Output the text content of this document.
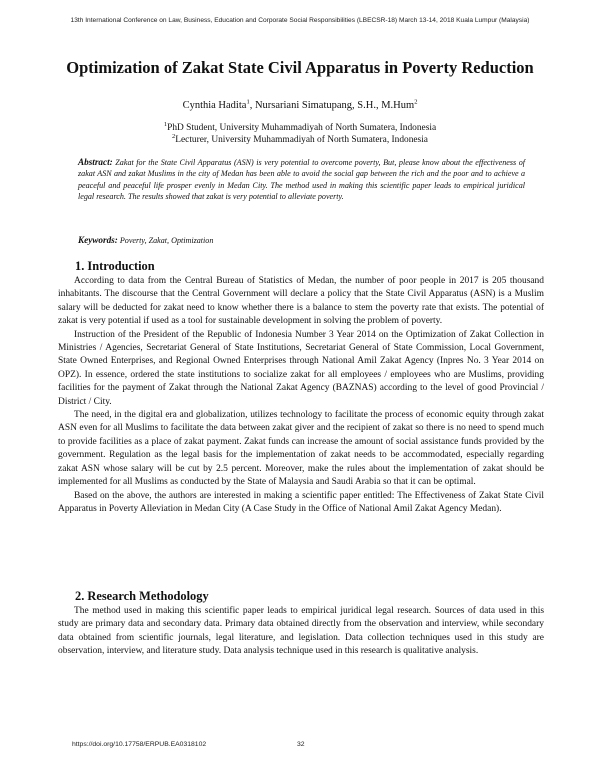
13th International Conference on Law, Business, Education and Corporate Social Responsibilities (LBECSR-18) March 13-14, 2018 Kuala Lumpur (Malaysia)
Optimization of Zakat State Civil Apparatus in Poverty Reduction
Cynthia Hadita$^1$, Nursariani Simatupang, S.H., M.Hum$^2$
$^1$PhD Student, University Muhammadiyah of North Sumatera, Indonesia
$^2$Lecturer, University Muhammadiyah of North Sumatera, Indonesia
Abstract: Zakat for the State Civil Apparatus (ASN) is very potential to overcome poverty, But, please know about the effectiveness of zakat ASN and zakat Muslims in the city of Medan has been able to avoid the social gap between the rich and the poor and to achieve a peaceful and peaceful life prosper evenly in Medan City. The method used in making this scientific paper leads to empirical juridical legal research. The results showed that zakat is very potential to alleviate poverty.
Keywords: Poverty, Zakat, Optimization
1. Introduction

According to data from the Central Bureau of Statistics of Medan, the number of poor people in 2017 is 205 thousand inhabitants. The discourse that the Central Government will declare a policy that the State Civil Apparatus (ASN) is a Muslim salary will be deducted for zakat need to know whether there is a balance to stem the poverty rate that exists. The potential of zakat is very potential if used as a tool for sustainable development in solving the problem of poverty.

Instruction of the President of the Republic of Indonesia Number 3 Year 2014 on the Optimization of Zakat Collection in Ministries / Agencies, Secretariat General of State Institutions, Secretariat General of State Commission, Local Government, State Owned Enterprises, and Regional Owned Enterprises through National Amil Zakat Agency (Inpres No. 3 Year 2014 on OPZ). In essence, ordered the state institutions to socialize zakat for all employees / employees who are Muslims, providing facilities for the payment of Zakat through the National Zakat Agency (BAZNAS) according to the level of good Provincial / District / City.

The need, in the digital era and globalization, utilizes technology to facilitate the process of economic equity through zakat ASN even for all Muslims to facilitate the data between zakat giver and the recipient of zakat so there is no need to spend much to provide facilities as a place of zakat payment. Zakat funds can increase the amount of social assistance funds provided by the government. Regulation as the legal basis for the implementation of zakat needs to be accommodated, especially regarding zakat ASN whose salary will be cut by 2.5 percent. Moreover, make the rules about the implementation of zakat should be implemented for all Muslims as conducted by the State of Malaysia and Saudi Arabia so that it can be optimal.

Based on the above, the authors are interested in making a scientific paper entitled: The Effectiveness of Zakat State Civil Apparatus in Poverty Alleviation in Medan City (A Case Study in the Office of National Amil Zakat Agency Medan).

2. Research Methodology

The method used in making this scientific paper leads to empirical juridical legal research. Sources of data used in this study are primary data and secondary data. Primary data obtained directly from the observation and interview, while secondary data obtained from scientific journals, legal literature, and legislation. Data collection techniques used in this study are observation, interview, and literature study. Data analysis technique used in this research is qualitative analysis.

https://doi.org/10.17758/ERPUB.EA0318102	32
